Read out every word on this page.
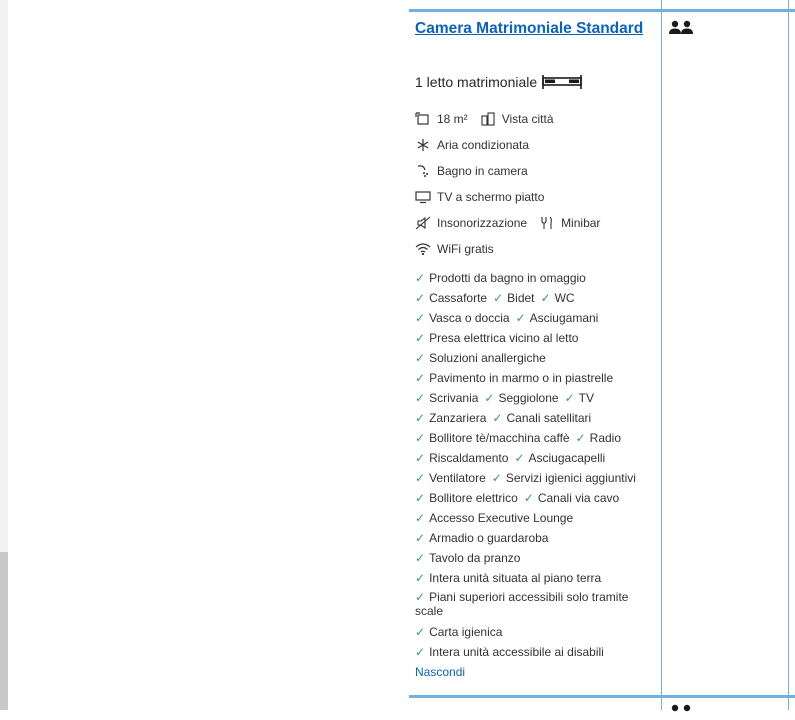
Camera Matrimoniale Standard
1 letto matrimoniale
18 m²	Vista città
Aria condizionata
Bagno in camera
TV a schermo piatto
Insonorizzazione	Minibar
WiFi gratis
✓ Prodotti da bagno in omaggio
✓ Cassaforte ✓ Bidet ✓ WC
✓ Vasca o doccia ✓ Asciugamani
✓ Presa elettrica vicino al letto
✓ Soluzioni anallergiche
✓ Pavimento in marmo o in piastrelle
✓ Scrivania ✓ Seggiolone ✓ TV
✓ Zanzariera ✓ Canali satellitari
✓ Bollitore tè/macchina caffè ✓ Radio
✓ Riscaldamento ✓ Asciugacapelli
✓ Ventilatore ✓ Servizi igienici aggiuntivi
✓ Bollitore elettrico ✓ Canali via cavo
✓ Accesso Executive Lounge
✓ Armadio o guardaroba
✓ Tavolo da pranzo
✓ Intera unità situata al piano terra
✓ Piani superiori accessibili solo tramite scale
✓ Carta igienica
✓ Intera unità accessibile ai disabili
Nascondi
